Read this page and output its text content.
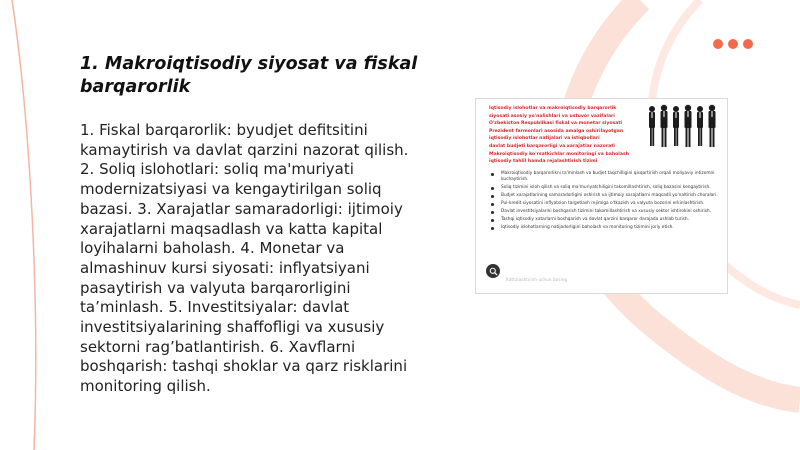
1. Makroiqtisodiy siyosat va fiskal barqarorlik

1. Fiskal barqarorlik: byudjet defitsitini kamaytirish va davlat qarzini nazorat qilish. 2. Soliq islohotlari: soliq ma'muriyati modernizatsiyasi va kengaytirilgan soliq bazasi. 3. Xarajatlar samaradorligi: ijtimoiy xarajatlarni maqsadlash va katta kapital loyihalarni baholash. 4. Monetar va almashinuv kursi siyosati: inflyatsiyani pasaytirish va valyuta barqarorligini ta’minlash. 5. Investitsiyalar: davlat investitsiyalarining shaffofligi va xususiy sektorni rag’batlantirish. 6. Xavflarni boshqarish: tashqi shoklar va qarz risklarini monitoring qilish.

Iqtisodiy islohotlar va makroiqtisodiy barqarorlik
siyosati asosiy yo'nalishlari va ustuvor vazifalari
O'zbekiston Respublikasi fiskal va monetar siyosati
Prezident farmonlari asosida amalga oshirilayotgan
iqtisodiy islohotlar natijalari va istiqbollari
davlat budjeti barqarorligi va xarajatlar nazorati
Makroiqtisodiy ko'rsatkichlar monitoringi va baholash
iqtisodiy tahlil hamda rejalashtirish tizimi
Makroiqtisodiy barqarorlikni ta'minlash va budjet taqchilligini qisqartirish orqali moliyaviy intizomni kuchaytirish.
Soliq tizimini isloh qilish va soliq ma'muriyatchiligini takomillashtirish, soliq bazasini kengaytirish.
Budjet xarajatlarining samaradorligini oshirish va ijtimoiy xarajatlarni maqsadli yo'naltirish choralari.
Pul-kredit siyosatini inflyatsion targetlash rejimiga o'tkazish va valyuta bozorini erkinlashtirish.
Davlat investitsiyalarini boshqarish tizimini takomillashtirish va xususiy sektor ishtirokini oshirish.
Tashqi iqtisodiy xatarlarni boshqarish va davlat qarzini barqaror darajada ushlab turish.
Iqtisodiy islohotlarning natijadorligini baholash va monitoring tizimini joriy etish.
Kattalashtirish uchun bosing
